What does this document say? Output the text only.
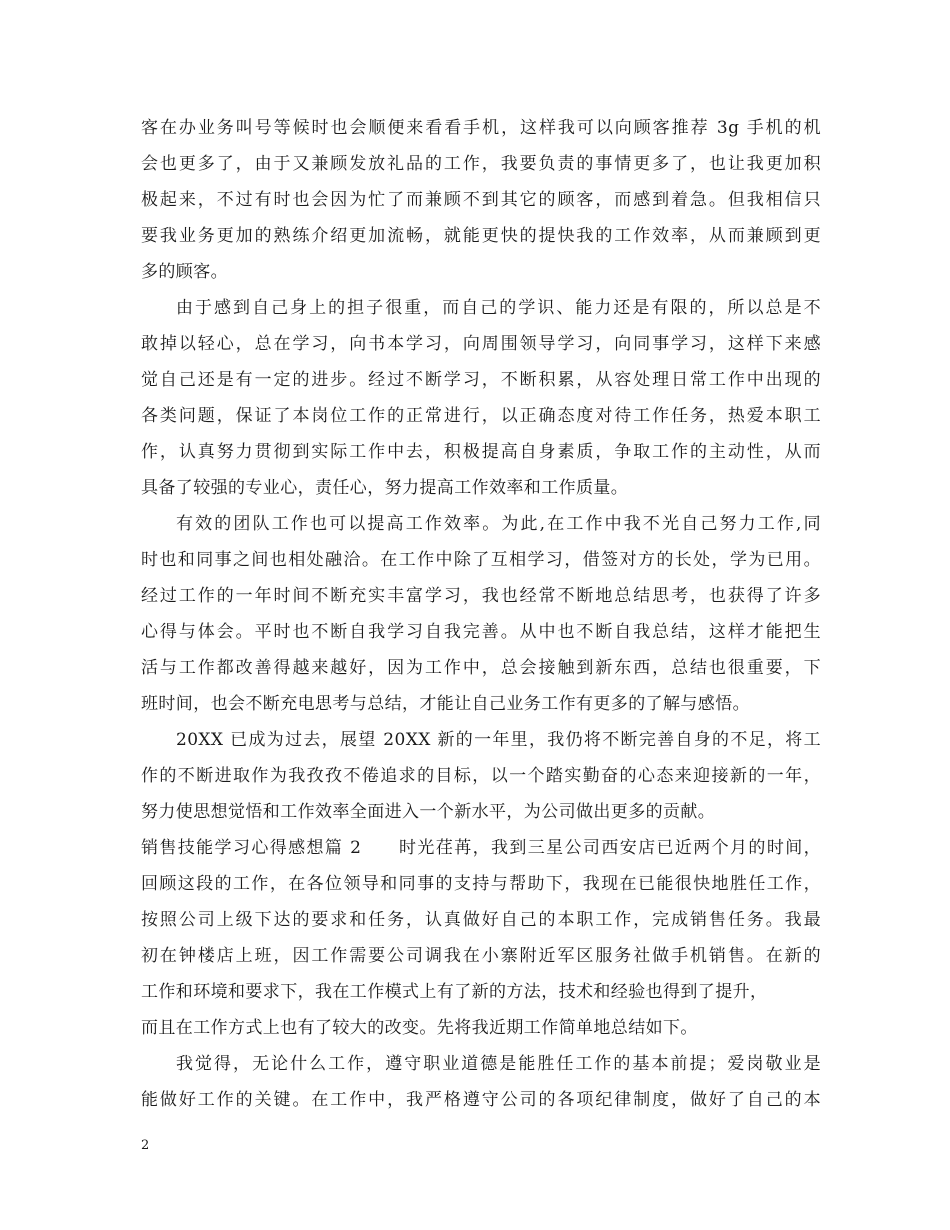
客在办业务叫号等候时也会顺便来看看手机，这样我可以向顾客推荐 3g 手机的机
会也更多了，由于又兼顾发放礼品的工作，我要负责的事情更多了，也让我更加积
极起来，不过有时也会因为忙了而兼顾不到其它的顾客，而感到着急。但我相信只
要我业务更加的熟练介绍更加流畅，就能更快的提快我的工作效率，从而兼顾到更
多的顾客。
由于感到自己身上的担子很重，而自己的学识、能力还是有限的，所以总是不
敢掉以轻心，总在学习，向书本学习，向周围领导学习，向同事学习，这样下来感
觉自己还是有一定的进步。经过不断学习，不断积累，从容处理日常工作中出现的
各类问题，保证了本岗位工作的正常进行，以正确态度对待工作任务，热爱本职工
作，认真努力贯彻到实际工作中去，积极提高自身素质，争取工作的主动性，从而
具备了较强的专业心，责任心，努力提高工作效率和工作质量。
有效的团队工作也可以提高工作效率。为此,在工作中我不光自己努力工作,同
时也和同事之间也相处融洽。在工作中除了互相学习，借签对方的长处，学为已用。
经过工作的一年时间不断充实丰富学习，我也经常不断地总结思考，也获得了许多
心得与体会。平时也不断自我学习自我完善。从中也不断自我总结，这样才能把生
活与工作都改善得越来越好，因为工作中，总会接触到新东西，总结也很重要，下
班时间，也会不断充电思考与总结，才能让自己业务工作有更多的了解与感悟。
20XX 已成为过去，展望 20XX 新的一年里，我仍将不断完善自身的不足，将工
作的不断进取作为我孜孜不倦追求的目标，以一个踏实勤奋的心态来迎接新的一年，
努力使思想觉悟和工作效率全面进入一个新水平，为公司做出更多的贡献。
销售技能学习心得感想篇 2　　时光荏苒，我到三星公司西安店已近两个月的时间，
回顾这段的工作，在各位领导和同事的支持与帮助下，我现在已能很快地胜任工作，
按照公司上级下达的要求和任务，认真做好自己的本职工作，完成销售任务。我最
初在钟楼店上班，因工作需要公司调我在小寨附近军区服务社做手机销售。在新的
工作和环境和要求下，我在工作模式上有了新的方法，技术和经验也得到了提升，
而且在工作方式上也有了较大的改变。先将我近期工作简单地总结如下。
我觉得，无论什么工作，遵守职业道德是能胜任工作的基本前提；爱岗敬业是
能做好工作的关键。在工作中，我严格遵守公司的各项纪律制度，做好了自己的本
2
